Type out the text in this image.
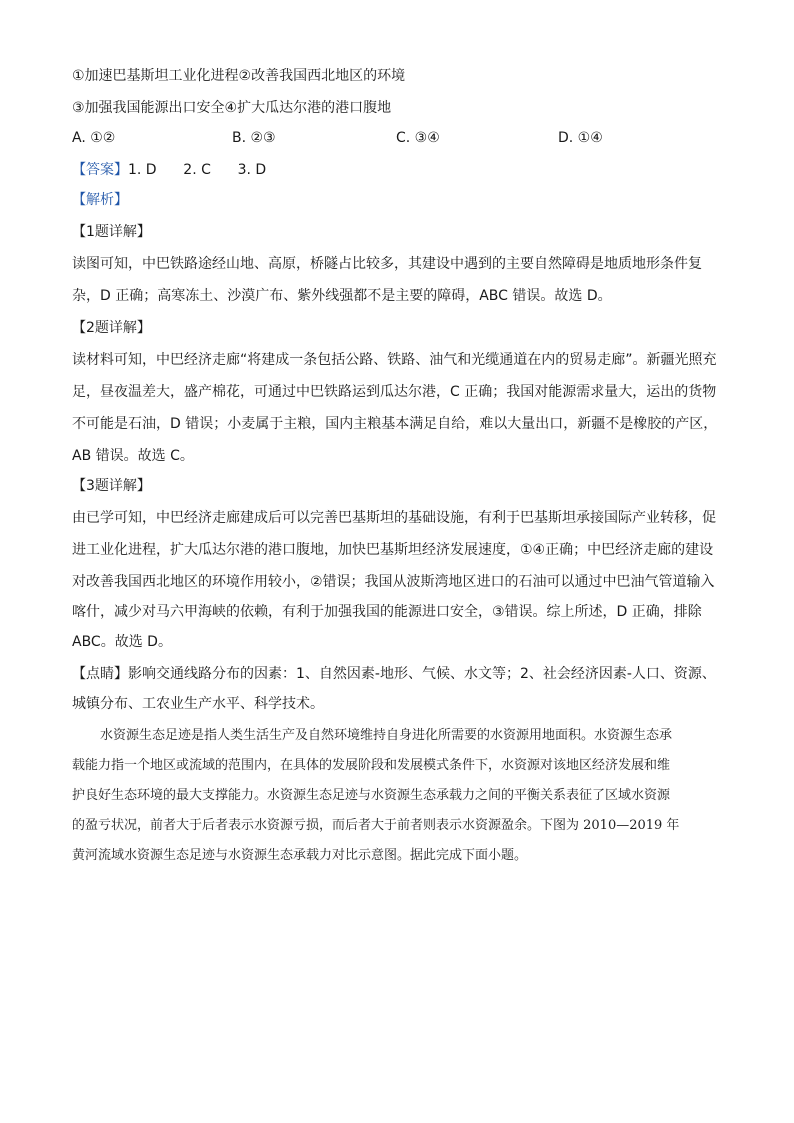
①加速巴基斯坦工业化进程②改善我国西北地区的环境
③加强我国能源出口安全④扩大瓜达尔港的港口腹地
A. ①②	B. ②③	C. ③④	D. ①④
【答案】1. D      2. C      3. D
【解析】
【1题详解】
读图可知，中巴铁路途经山地、高原，桥隧占比较多，其建设中遇到的主要自然障碍是地质地形条件复
杂，D 正确；高寒冻土、沙漠广布、紫外线强都不是主要的障碍，ABC 错误。故选 D。
【2题详解】
读材料可知，中巴经济走廊“将建成一条包括公路、铁路、油气和光缆通道在内的贸易走廊”。新疆光照充
足，昼夜温差大，盛产棉花，可通过中巴铁路运到瓜达尔港，C 正确；我国对能源需求量大，运出的货物
不可能是石油，D 错误；小麦属于主粮，国内主粮基本满足自给，难以大量出口，新疆不是橡胶的产区，
AB 错误。故选 C。
【3题详解】
由已学可知，中巴经济走廊建成后可以完善巴基斯坦的基础设施，有利于巴基斯坦承接国际产业转移，促
进工业化进程，扩大瓜达尔港的港口腹地，加快巴基斯坦经济发展速度，①④正确；中巴经济走廊的建设
对改善我国西北地区的环境作用较小，②错误；我国从波斯湾地区进口的石油可以通过中巴油气管道输入
喀什，减少对马六甲海峡的依赖，有利于加强我国的能源进口安全，③错误。综上所述，D 正确，排除
ABC。故选 D。
【点睛】影响交通线路分布的因素：1、自然因素-地形、气候、水文等；2、社会经济因素-人口、资源、
城镇分布、工农业生产水平、科学技术。
水资源生态足迹是指人类生活生产及自然环境维持自身进化所需要的水资源用地面积。水资源生态承
载能力指一个地区或流域的范围内，在具体的发展阶段和发展模式条件下，水资源对该地区经济发展和维
护良好生态环境的最大支撑能力。水资源生态足迹与水资源生态承载力之间的平衡关系表征了区域水资源
的盈亏状况，前者大于后者表示水资源亏损，而后者大于前者则表示水资源盈余。下图为 2010—2019 年
黄河流域水资源生态足迹与水资源生态承载力对比示意图。据此完成下面小题。
